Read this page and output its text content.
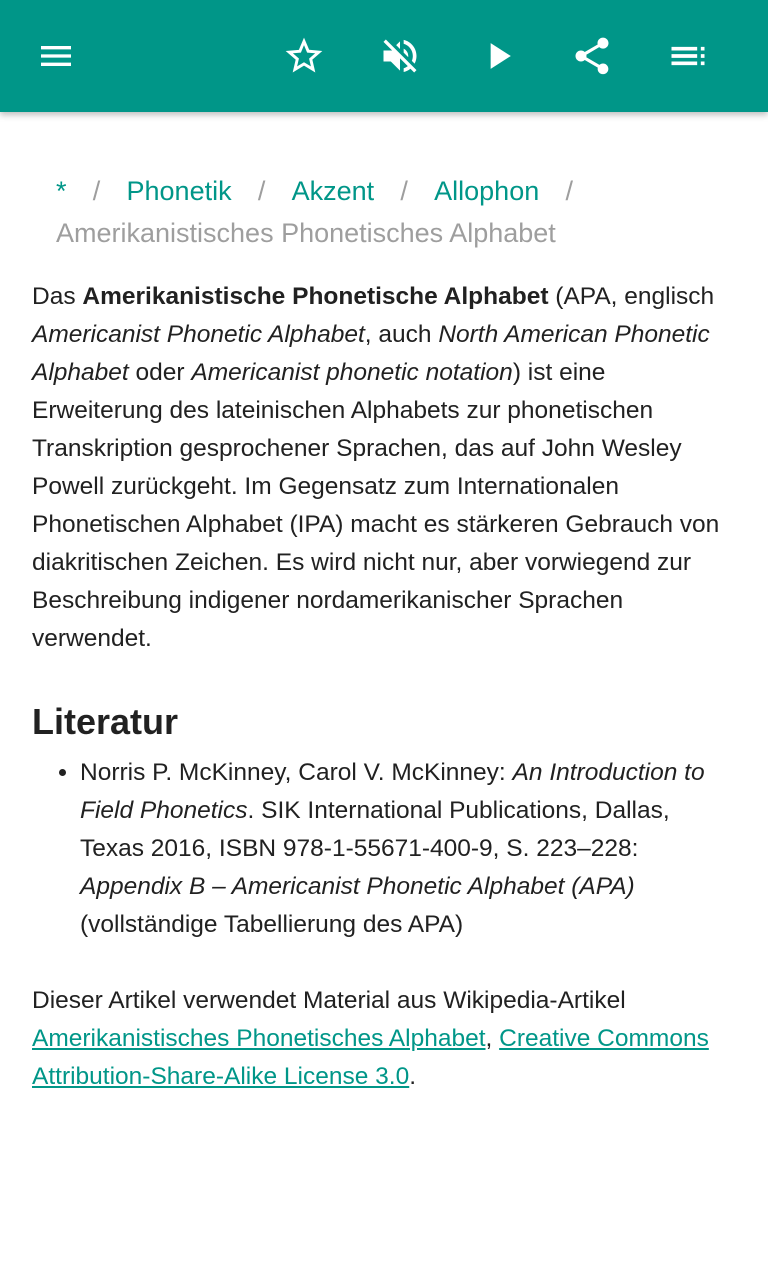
* / Phonetik / Akzent / Allophon /
Amerikanistisches Phonetisches Alphabet

Das Amerikanistische Phonetische Alphabet (APA, englisch Americanist Phonetic Alphabet, auch North American Phonetic Alphabet oder Americanist phonetic notation) ist eine Erweiterung des lateinischen Alphabets zur phonetischen Transkription gesprochener Sprachen, das auf John Wesley Powell zurückgeht. Im Gegensatz zum Internationalen Phonetischen Alphabet (IPA) macht es stärkeren Gebrauch von diakritischen Zeichen. Es wird nicht nur, aber vorwiegend zur Beschreibung indigener nordamerikanischer Sprachen verwendet.

Literatur
• Norris P. McKinney, Carol V. McKinney: An Introduction to Field Phonetics. SIK International Publications, Dallas, Texas 2016, ISBN 978-1-55671-400-9, S. 223–228: Appendix B – Americanist Phonetic Alphabet (APA) (vollständige Tabellierung des APA)

Dieser Artikel verwendet Material aus Wikipedia-Artikel Amerikanistisches Phonetisches Alphabet, Creative Commons Attribution-Share-Alike License 3.0.
